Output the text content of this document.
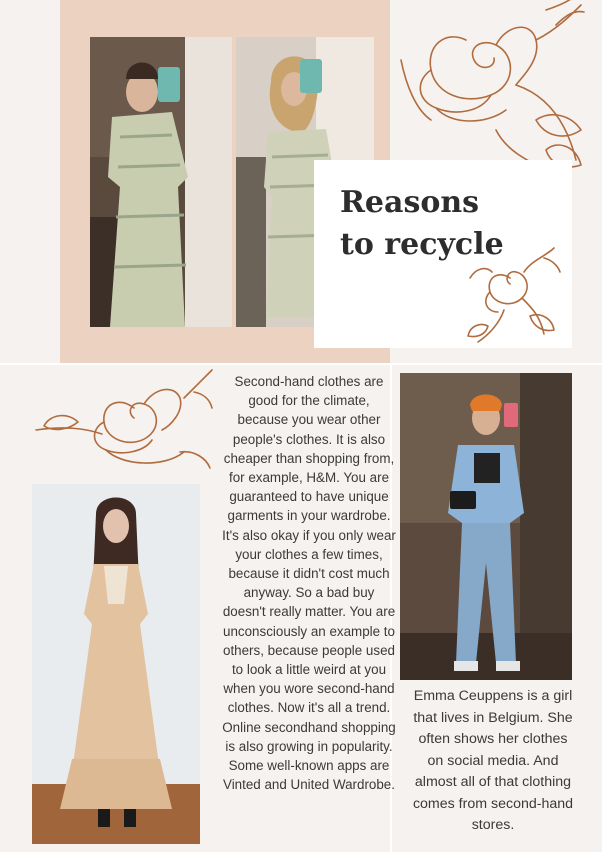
Reasons to recycle

Second-hand clothes are good for the climate, because you wear other people's clothes. It is also cheaper than shopping from, for example, H&M. You are guaranteed to have unique garments in your wardrobe. It's also okay if you only wear your clothes a few times, because it didn't cost much anyway. So a bad buy doesn't really matter. You are unconsciously an example to others, because people used to look a little weird at you when you wore second-hand clothes. Now it's all a trend. Online secondhand shopping is also growing in popularity. Some well-known apps are Vinted and United Wardrobe.

Emma Ceuppens is a girl that lives in Belgium. She often shows her clothes on social media. And almost all of that clothing comes from second-hand stores.
